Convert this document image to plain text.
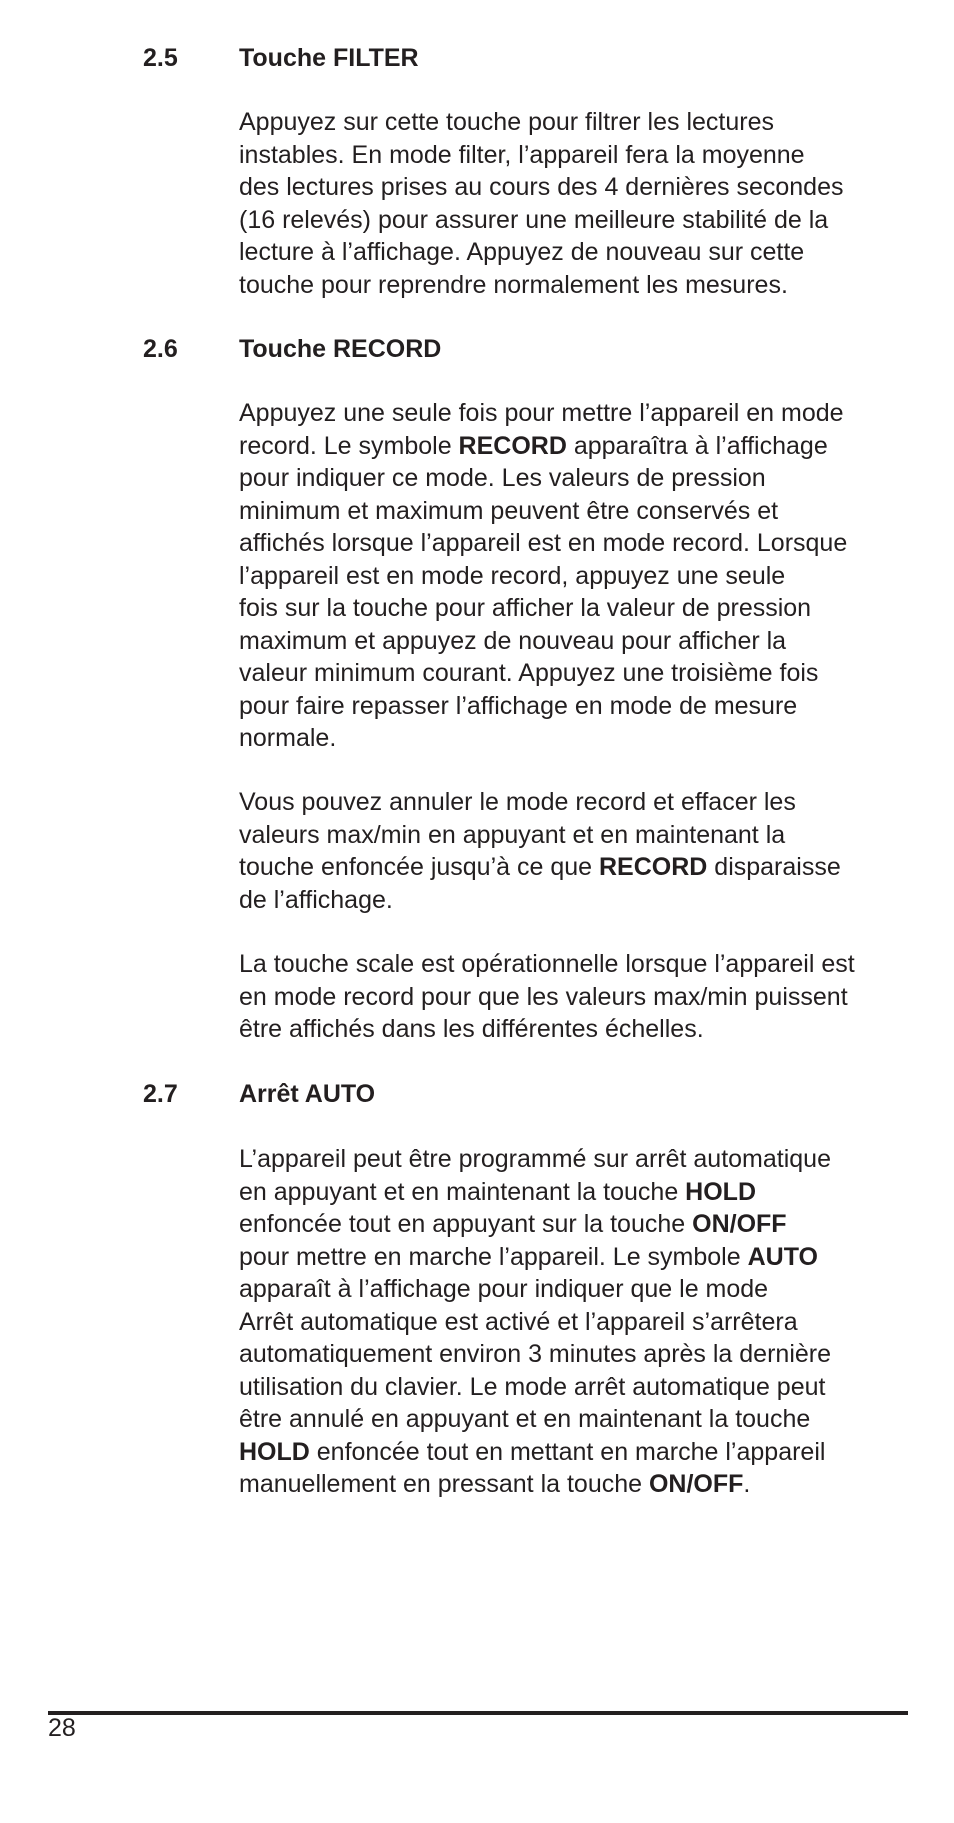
2.5 Touche FILTER
Appuyez sur cette touche pour filtrer les lectures
instables. En mode filter, l’appareil fera la moyenne
des lectures prises au cours des 4 dernières secondes
(16 relevés) pour assurer une meilleure stabilité de la
lecture à l’affichage. Appuyez de nouveau sur cette
touche pour reprendre normalement les mesures.
2.6 Touche RECORD
Appuyez une seule fois pour mettre l’appareil en mode
record. Le symbole RECORD apparaîtra à l’affichage
pour indiquer ce mode. Les valeurs de pression
minimum et maximum peuvent être conservés et
affichés lorsque l’appareil est en mode record. Lorsque
l’appareil est en mode record, appuyez une seule
fois sur la touche pour afficher la valeur de pression
maximum et appuyez de nouveau pour afficher la
valeur minimum courant. Appuyez une troisième fois
pour faire repasser l’affichage en mode de mesure
normale.
Vous pouvez annuler le mode record et effacer les
valeurs max/min en appuyant et en maintenant la
touche enfoncée jusqu’à ce que RECORD disparaisse
de l’affichage.
La touche scale est opérationnelle lorsque l’appareil est
en mode record pour que les valeurs max/min puissent
être affichés dans les différentes échelles.
2.7 Arrêt AUTO
L’appareil peut être programmé sur arrêt automatique
en appuyant et en maintenant la touche HOLD
enfoncée tout en appuyant sur la touche ON/OFF
pour mettre en marche l’appareil. Le symbole AUTO
apparaît à l’affichage pour indiquer que le mode
Arrêt automatique est activé et l’appareil s’arrêtera
automatiquement environ 3 minutes après la dernière
utilisation du clavier. Le mode arrêt automatique peut
être annulé en appuyant et en maintenant la touche
HOLD enfoncée tout en mettant en marche l’appareil
manuellement en pressant la touche ON/OFF.
28
